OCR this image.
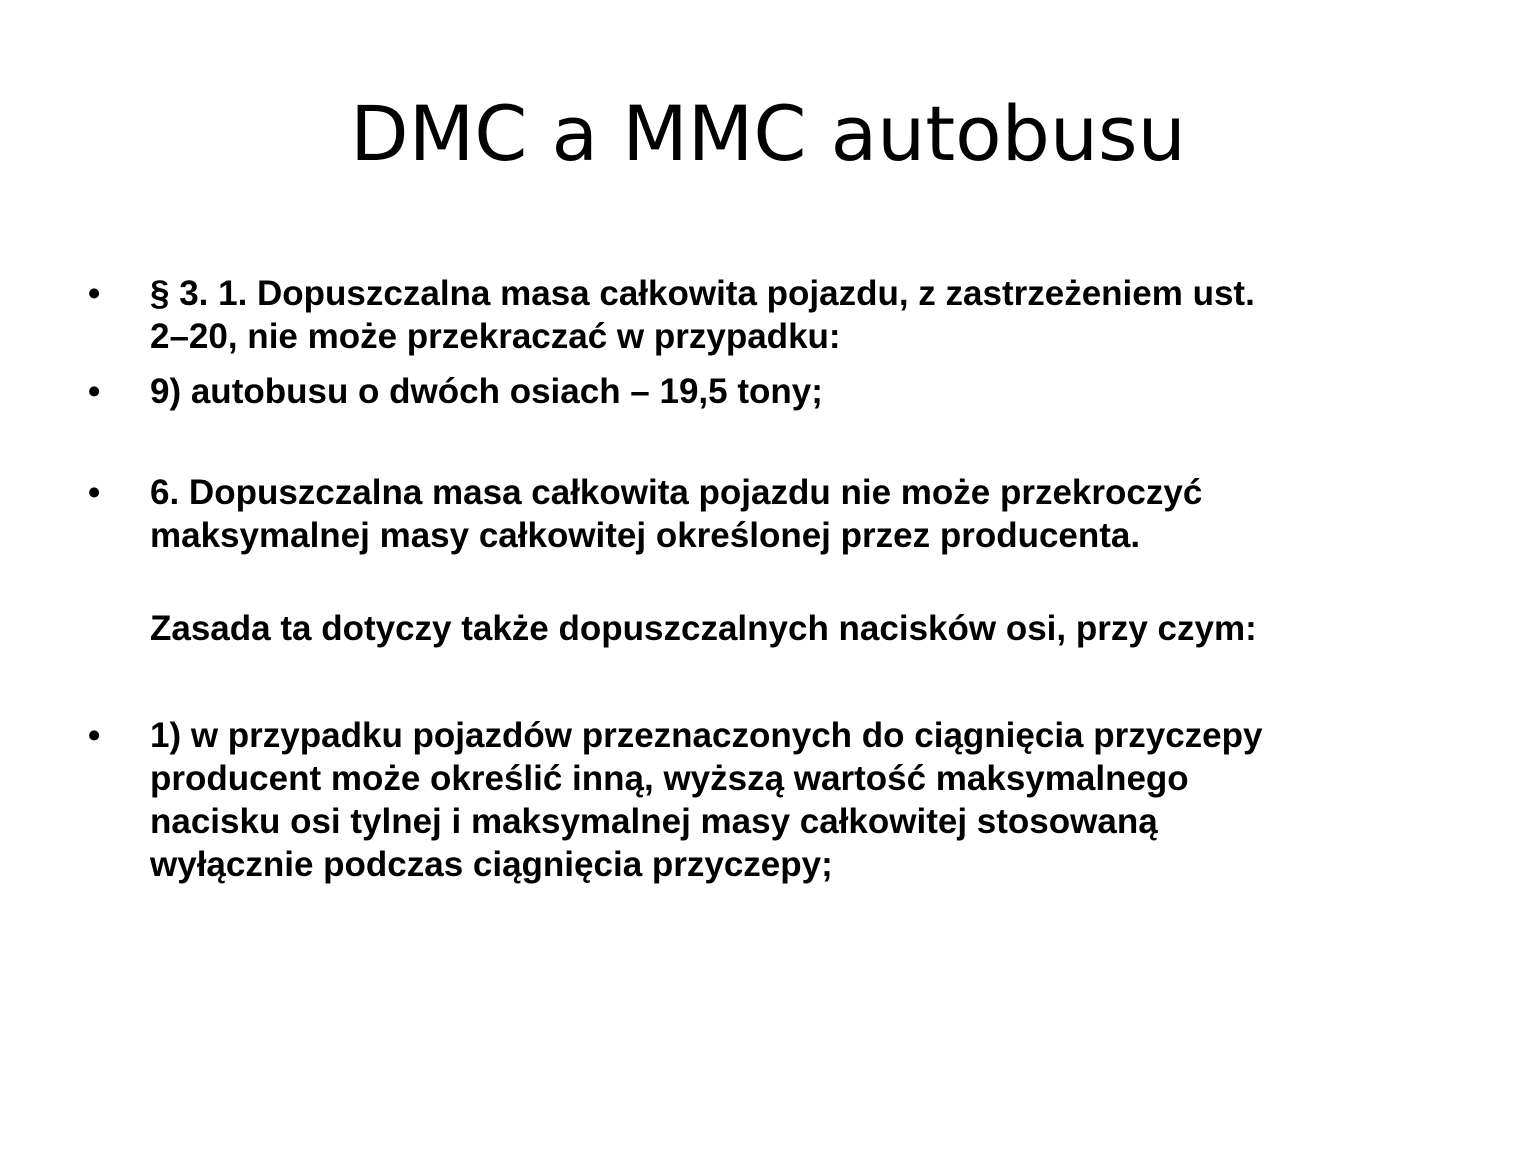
DMC a MMC autobusu
•	§ 3. 1. Dopuszczalna masa całkowita pojazdu, z zastrzeżeniem ust.
2–20, nie może przekraczać w przypadku:
•	9) autobusu o dwóch osiach – 19,5 tony;
•	6. Dopuszczalna masa całkowita pojazdu nie może przekroczyć
maksymalnej masy całkowitej określonej przez producenta.
Zasada ta dotyczy także dopuszczalnych nacisków osi, przy czym:
•	1) w przypadku pojazdów przeznaczonych do ciągnięcia przyczepy
producent może określić inną, wyższą wartość maksymalnego
nacisku osi tylnej i maksymalnej masy całkowitej stosowaną
wyłącznie podczas ciągnięcia przyczepy;
